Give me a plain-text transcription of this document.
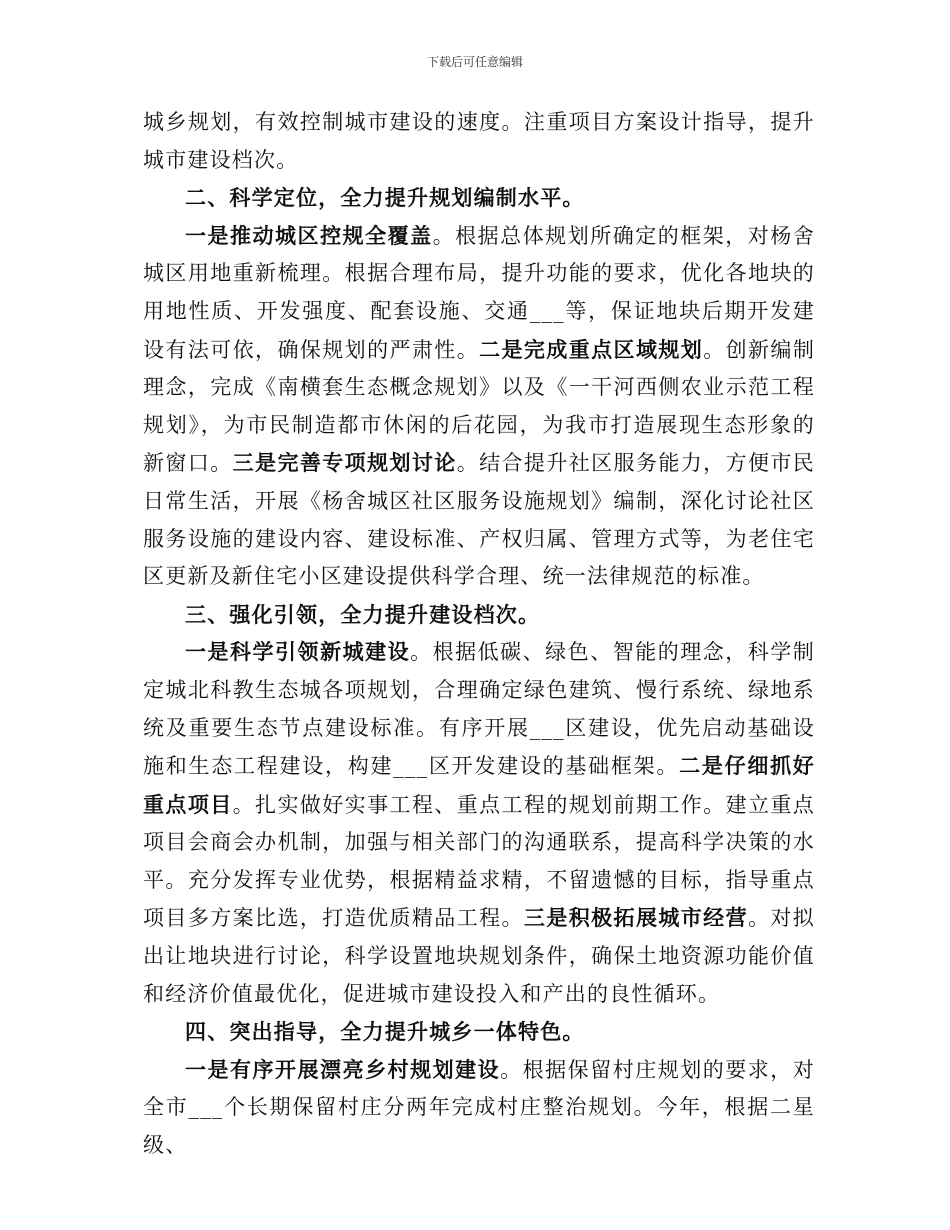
下载后可任意编辑

城乡规划，有效控制城市建设的速度。注重项目方案设计指导，提升城市建设档次。

二、科学定位，全力提升规划编制水平。

一是推动城区控规全覆盖。根据总体规划所确定的框架，对杨舍城区用地重新梳理。根据合理布局，提升功能的要求，优化各地块的用地性质、开发强度、配套设施、交通___等，保证地块后期开发建设有法可依，确保规划的严肃性。二是完成重点区域规划。创新编制理念，完成《南横套生态概念规划》以及《一干河西侧农业示范工程规划》，为市民制造都市休闲的后花园，为我市打造展现生态形象的新窗口。三是完善专项规划讨论。结合提升社区服务能力，方便市民日常生活，开展《杨舍城区社区服务设施规划》编制，深化讨论社区服务设施的建设内容、建设标准、产权归属、管理方式等，为老住宅区更新及新住宅小区建设提供科学合理、统一法律规范的标准。

三、强化引领，全力提升建设档次。

一是科学引领新城建设。根据低碳、绿色、智能的理念，科学制定城北科教生态城各项规划，合理确定绿色建筑、慢行系统、绿地系统及重要生态节点建设标准。有序开展___区建设，优先启动基础设施和生态工程建设，构建___区开发建设的基础框架。二是仔细抓好重点项目。扎实做好实事工程、重点工程的规划前期工作。建立重点项目会商会办机制，加强与相关部门的沟通联系，提高科学决策的水平。充分发挥专业优势，根据精益求精，不留遗憾的目标，指导重点项目多方案比选，打造优质精品工程。三是积极拓展城市经营。对拟出让地块进行讨论，科学设置地块规划条件，确保土地资源功能价值和经济价值最优化，促进城市建设投入和产出的良性循环。

四、突出指导，全力提升城乡一体特色。

一是有序开展漂亮乡村规划建设。根据保留村庄规划的要求，对全市___个长期保留村庄分两年完成村庄整治规划。今年，根据二星级、
